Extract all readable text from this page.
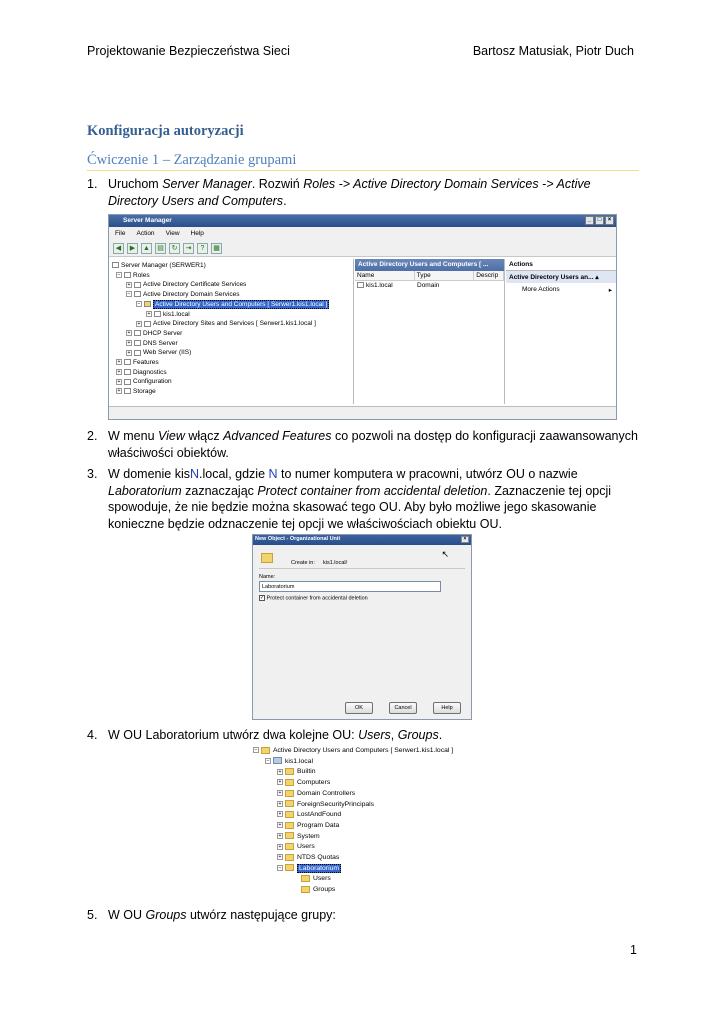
Projektowanie Bezpieczeństwa Sieci	Bartosz Matusiak, Piotr Duch
Konfiguracja autoryzacji
Ćwiczenie 1 – Zarządzanie grupami
1. Uruchom Server Manager. Rozwiń Roles -> Active Directory Domain Services -> Active Directory Users and Computers.
Server Manager	_	□	×
File Action View Help
◀	▶	▲	▤	↻	⇥	?	▦
Server Manager (SERWER1)
− Roles
+ Active Directory Certificate Services
− Active Directory Domain Services
− Active Directory Users and Computers [ Serwer1.kis1.local ]
+ kis1.local
+ Active Directory Sites and Services [ Serwer1.kis1.local ]
+ DHCP Server
+ DNS Server
+ Web Server (IIS)
+ Features
+ Diagnostics
+ Configuration
+ Storage
Active Directory Users and Computers [ ...
Name	Type	Descrip
kis1.local	Domain
Actions
Active Directory Users an... ▴
More Actions	▸
2. W menu View włącz Advanced Features co pozwoli na dostęp do konfiguracji zaawansowanych właściwości obiektów.
3. W domenie kisN.local, gdzie N to numer komputera w pracowni, utwórz OU o nazwie Laboratorium zaznaczając Protect container from accidental deletion. Zaznaczenie tej opcji spowoduje, że nie będzie można skasować tego OU. Aby było możliwe jego skasowanie konieczne będzie odznaczenie tej opcji we właściwościach obiektu OU.
New Object - Organizational Unit	×
↖
Create in: kis1.local/
Name:
Laboratorium
✓ Protect container from accidental deletion
OK	Cancel	Help
4. W OU Laboratorium utwórz dwa kolejne OU: Users, Groups.
− Active Directory Users and Computers [ Serwer1.kis1.local ]
− kis1.local
+ Builtin
+ Computers
+ Domain Controllers
+ ForeignSecurityPrincipals
+ LostAndFound
+ Program Data
+ System
+ Users
+ NTDS Quotas
−	Laboratorium
Users
Groups
5. W OU Groups utwórz następujące grupy:
1
